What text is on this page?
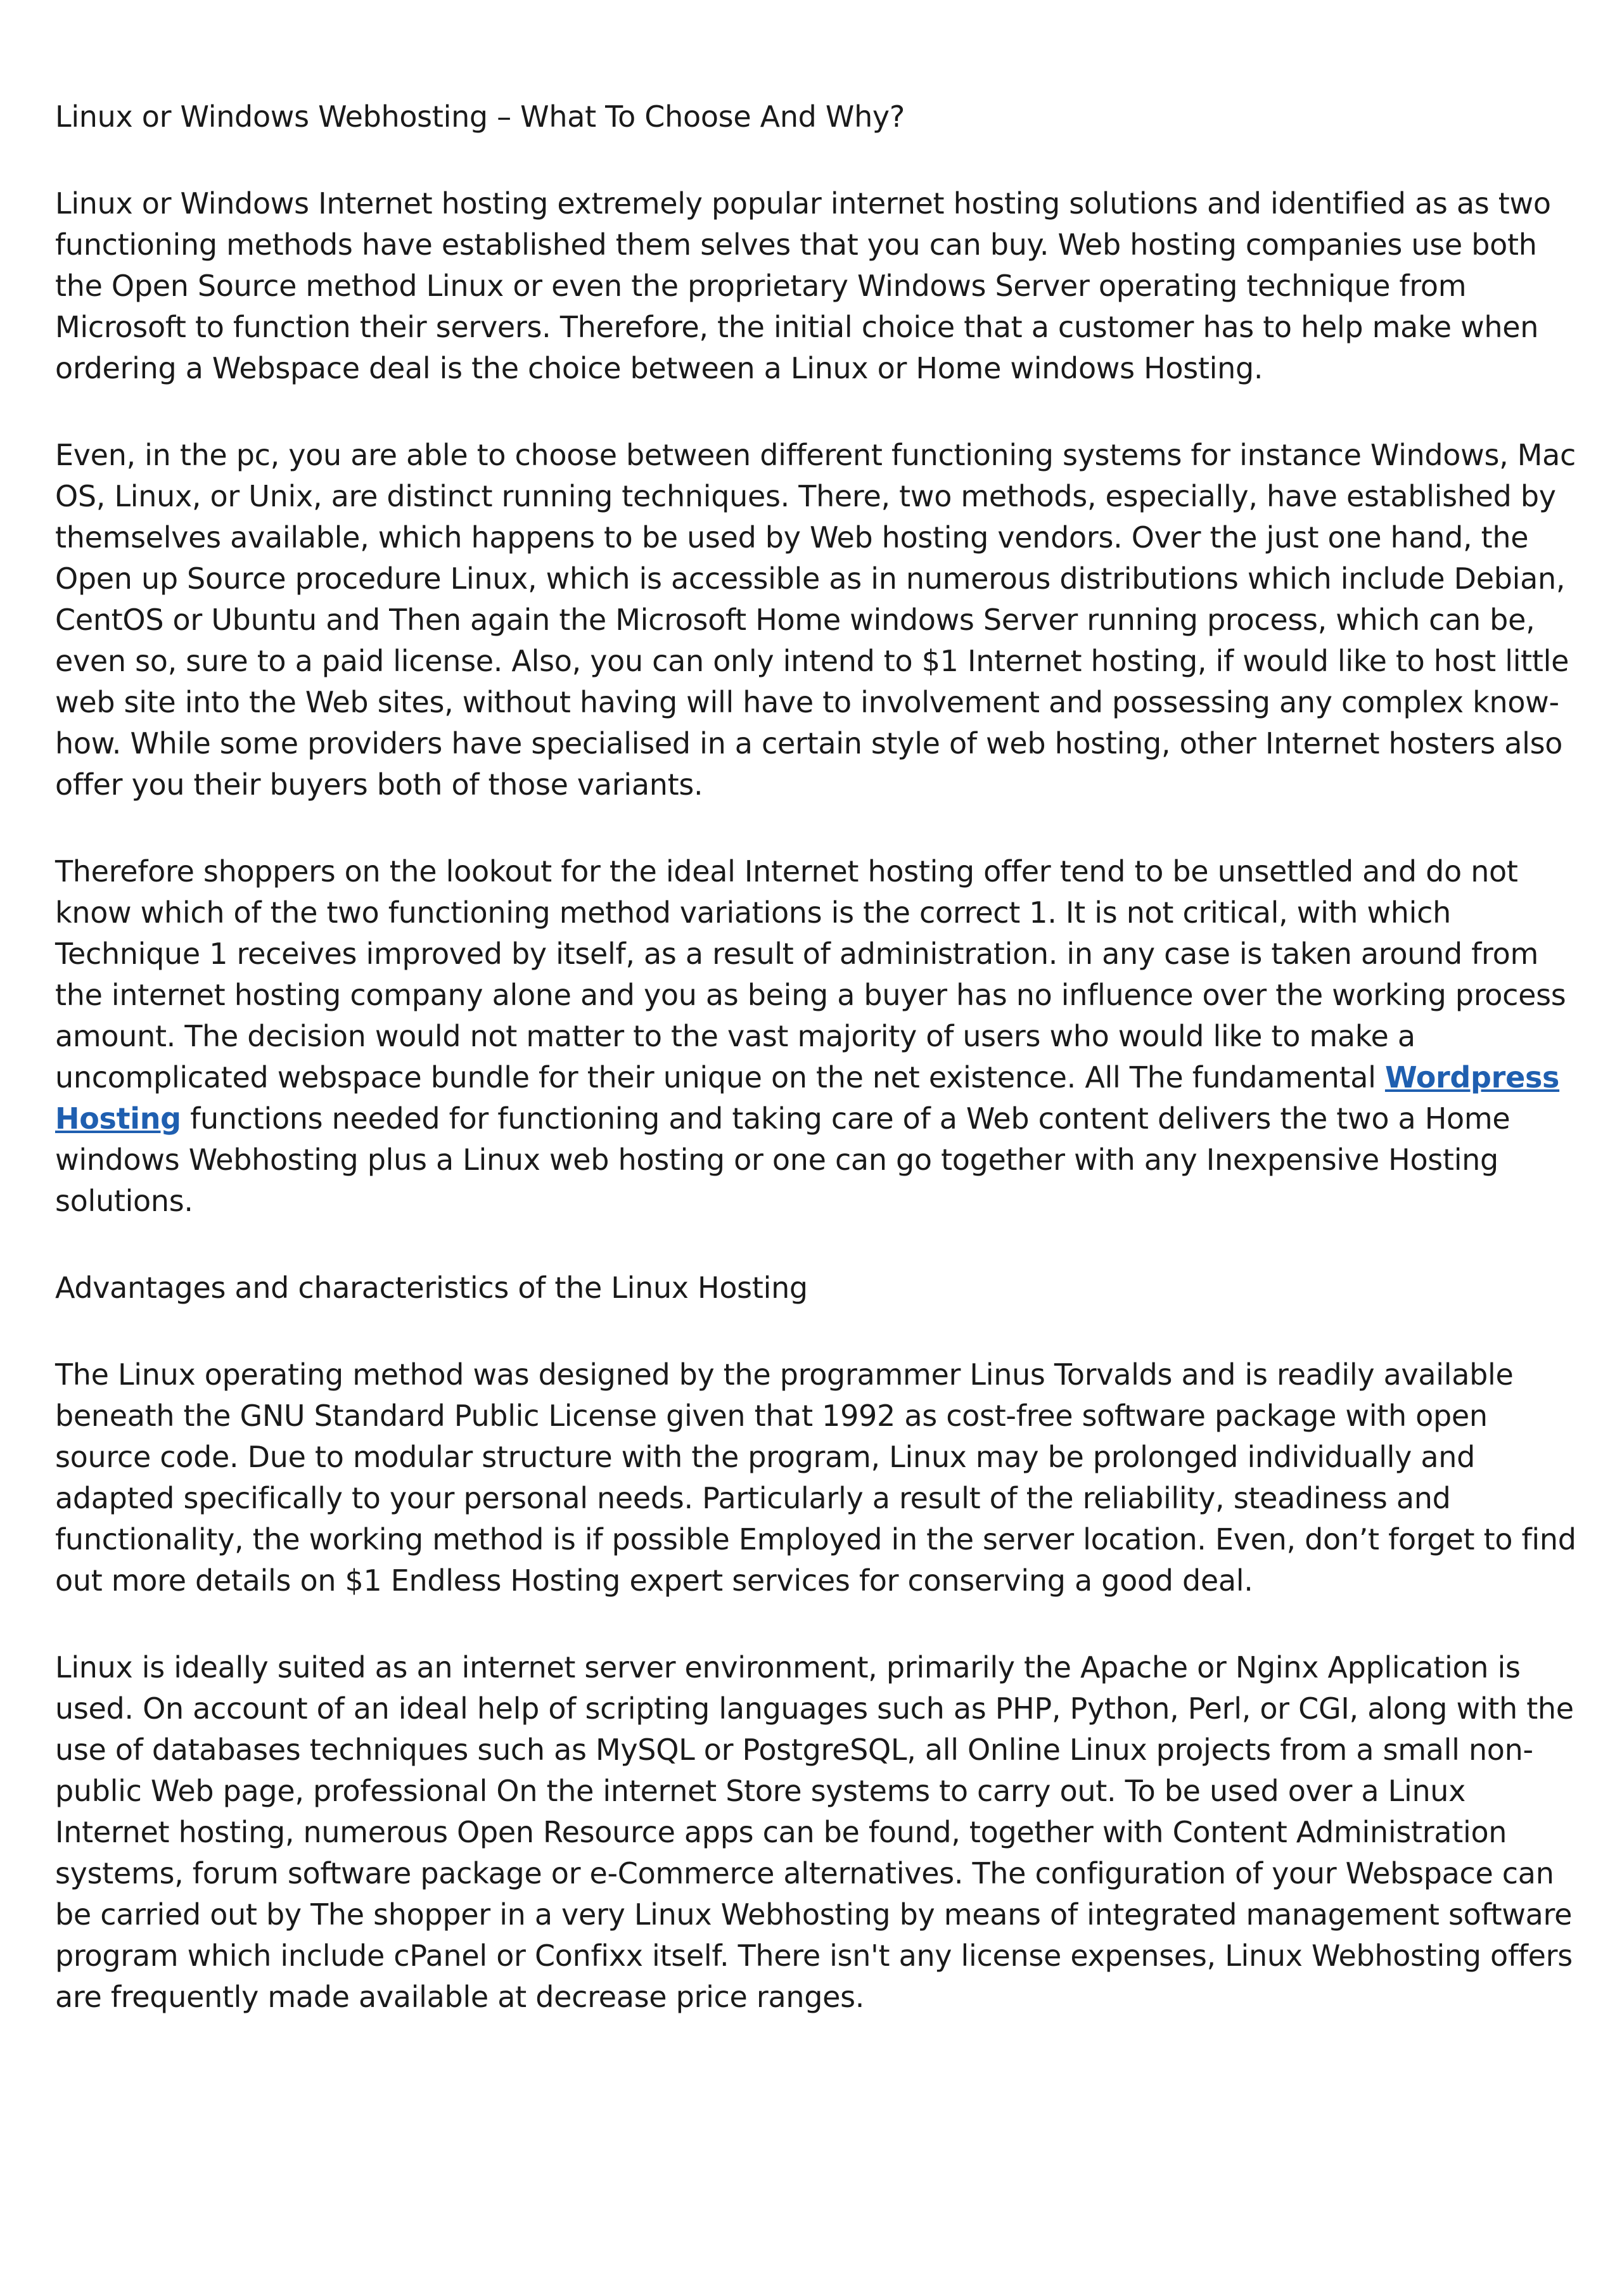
Linux or Windows Webhosting – What To Choose And Why?

Linux or Windows Internet hosting extremely popular internet hosting solutions and identified as as two functioning methods have established them selves that you can buy. Web hosting companies use both the Open Source method Linux or even the proprietary Windows Server operating technique from Microsoft to function their servers. Therefore, the initial choice that a customer has to help make when ordering a Webspace deal is the choice between a Linux or Home windows Hosting.

Even, in the pc, you are able to choose between different functioning systems for instance Windows, Mac OS, Linux, or Unix, are distinct running techniques. There, two methods, especially, have established by themselves available, which happens to be used by Web hosting vendors. Over the just one hand, the Open up Source procedure Linux, which is accessible as in numerous distributions which include Debian, CentOS or Ubuntu and Then again the Microsoft Home windows Server running process, which can be, even so, sure to a paid license. Also, you can only intend to $1 Internet hosting, if would like to host little web site into the Web sites, without having will have to involvement and possessing any complex know-how. While some providers have specialised in a certain style of web hosting, other Internet hosters also offer you their buyers both of those variants.

Therefore shoppers on the lookout for the ideal Internet hosting offer tend to be unsettled and do not know which of the two functioning method variations is the correct 1. It is not critical, with which Technique 1 receives improved by itself, as a result of administration. in any case is taken around from the internet hosting company alone and you as being a buyer has no influence over the working process amount. The decision would not matter to the vast majority of users who would like to make a uncomplicated webspace bundle for their unique on the net existence. All The fundamental Wordpress Hosting functions needed for functioning and taking care of a Web content delivers the two a Home windows Webhosting plus a Linux web hosting or one can go together with any Inexpensive Hosting solutions.

Advantages and characteristics of the Linux Hosting

The Linux operating method was designed by the programmer Linus Torvalds and is readily available beneath the GNU Standard Public License given that 1992 as cost-free software package with open source code. Due to modular structure with the program, Linux may be prolonged individually and adapted specifically to your personal needs. Particularly a result of the reliability, steadiness and functionality, the working method is if possible Employed in the server location. Even, don’t forget to find out more details on $1 Endless Hosting expert services for conserving a good deal.

Linux is ideally suited as an internet server environment, primarily the Apache or Nginx Application is used. On account of an ideal help of scripting languages such as PHP, Python, Perl, or CGI, along with the use of databases techniques such as MySQL or PostgreSQL, all Online Linux projects from a small non-public Web page, professional On the internet Store systems to carry out. To be used over a Linux Internet hosting, numerous Open Resource apps can be found, together with Content Administration systems, forum software package or e-Commerce alternatives. The configuration of your Webspace can be carried out by The shopper in a very Linux Webhosting by means of integrated management software program which include cPanel or Confixx itself. There isn't any license expenses, Linux Webhosting offers are frequently made available at decrease price ranges.
